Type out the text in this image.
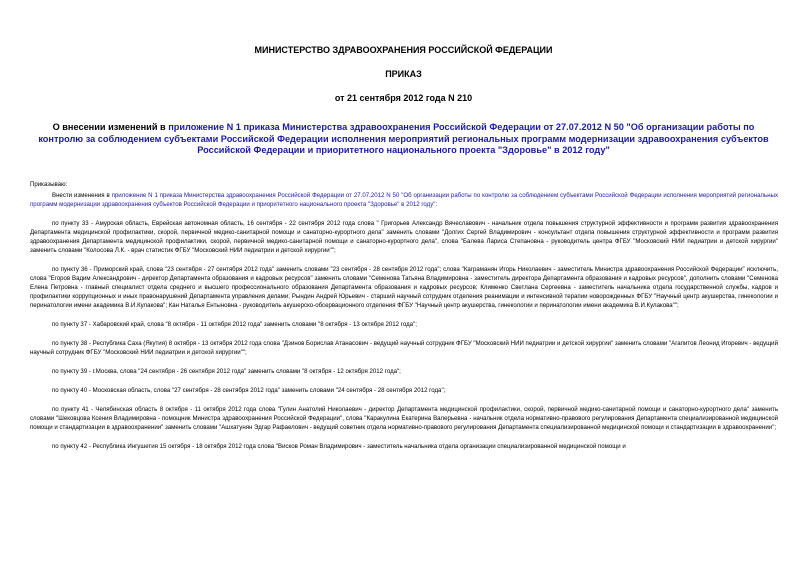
МИНИСТЕРСТВО ЗДРАВООХРАНЕНИЯ РОССИЙСКОЙ ФЕДЕРАЦИИ
ПРИКАЗ
от 21 сентября 2012 года N 210
О внесении изменений в приложение N 1 приказа Министерства здравоохранения Российской Федерации от 27.07.2012 N 50 "Об организации работы по контролю за соблюдением субъектами Российской Федерации исполнения мероприятий региональных программ модернизации здравоохранения субъектов Российской Федерации и приоритетного национального проекта "Здоровье" в 2012 году"

Приказываю:

Внести изменения в приложение N 1 приказа Министерства здравоохранения Российской Федерации от 27.07.2012 N 50 "Об организации работы по контролю за соблюдением субъектами Российской Федерации исполнения мероприятий региональных программ модернизации здравоохранения субъектов Российской Федерации и приоритетного национального проекта "Здоровье" в 2012 году":

по пункту 33 - Амурская область, Еврейская автономная область, 16 сентября - 22 сентября 2012 года слова " Григорьев Александр Вячеславович - начальник отдела повышения структурной эффективности и программ развития здравоохранения Департамента медицинской профилактики, скорой, первичной медико-санитарной помощи и санаторно-курортного дела" заменить словами "Долгих Сергей Владимирович - консультант отдела повышения структурной эффективности и программ развития здравоохранения Департамента медицинской профилактики, скорой, первичной медико-санитарной помощи и санаторно-курортного дела", слова "Балева Лариса Степановна - руководитель центра ФГБУ "Московский НИИ педиатрии и детской хирургии" заменить словами "Колосова Л.К. - врач статистик ФГБУ "Московский НИИ педиатрии и детской хирургии"";

по пункту 36 - Приморский край, слова "23 сентября - 27 сентября 2012 года" заменить словами "23 сентября - 28 сентября 2012 года"; слова "Каграманян Игорь Николаевич - заместитель Министра здравоохранения Российской Федерации" исключить, слова "Егоров Вадим Александрович - директор Департамента образования и кадровых ресурсов" заменить словами "Семенова Татьяна Владимировна - заместитель директора Департамента образования и кадровых ресурсов", дополнить словами "Семенова Елена Петровна - главный специалист отдела среднего и высшего профессионального образования Департамента образования и кадровых ресурсов; Клименко Светлана Сергеевна - заместитель начальника отдела государственной службы, кадров и профилактики коррупционных и иных правонарушений Департамента управления делами; Рындин Андрей Юрьевич - старший научный сотрудник отделения реанимации и интенсивной терапии новорожденных ФГБУ "Научный центр акушерства, гинекологии и перинатологии имени академика В.И.Кулакова"; Кан Наталья Ентыновна - руководитель акушерско-обсервационного отделения ФГБУ "Научный центр акушерства, гинекологии и перинатологии имени академика В.И.Кулакова"";

по пункту 37 - Хабаровский край, слова "8 октября - 11 октября 2012 года" заменить словами "8 октября - 13 октября 2012 года";

по пункту 38 - Республика Саха (Якутия) 8 октября - 13 октября 2012 года слова "Дзинов Борислав Атанасович - ведущий научный сотрудник ФГБУ "Московский НИИ педиатрии и детской хирургии" заменить словами "Агапитов Леонид Игоревич - ведущий научный сотрудник ФГБУ "Московский НИИ педиатрии и детской хирургии"";

по пункту 39 - г.Москва, слова "24 сентября - 26 сентября 2012 года" заменить словами "8 октября - 12 октября 2012 года";

по пункту 40 - Московская область, слова "27 сентября - 28 сентября 2012 года" заменить словами "24 сентября - 28 сентября 2012 года";

по пункту 41 - Челябинская область 8 октября - 11 октября 2012 года слова "Гулин Анатолий Николаевич - директор Департамента медицинской профилактики, скорой, первичной медико-санитарной помощи и санаторно-курортного дела" заменить словами "Шековцова Ксения Владимировна - помощник Министра здравоохранения Российской Федерации", слова "Каракулина Екатерина Валерьевна - начальник отдела нормативно-правового регулирования Департамента специализированной медицинской помощи и стандартизации в здравоохранении" заменить словами "Ашхатунян Эдгар Рафаелович - ведущий советник отдела нормативно-правового регулирования Департамента специализированной медицинской помощи и стандартизации в здравоохранении";

по пункту 42 - Республика Ингушетия 15 октября - 18 октября 2012 года слова "Висков Роман Владимирович - заместитель начальника отдела организации специализированной медицинской помощи и
